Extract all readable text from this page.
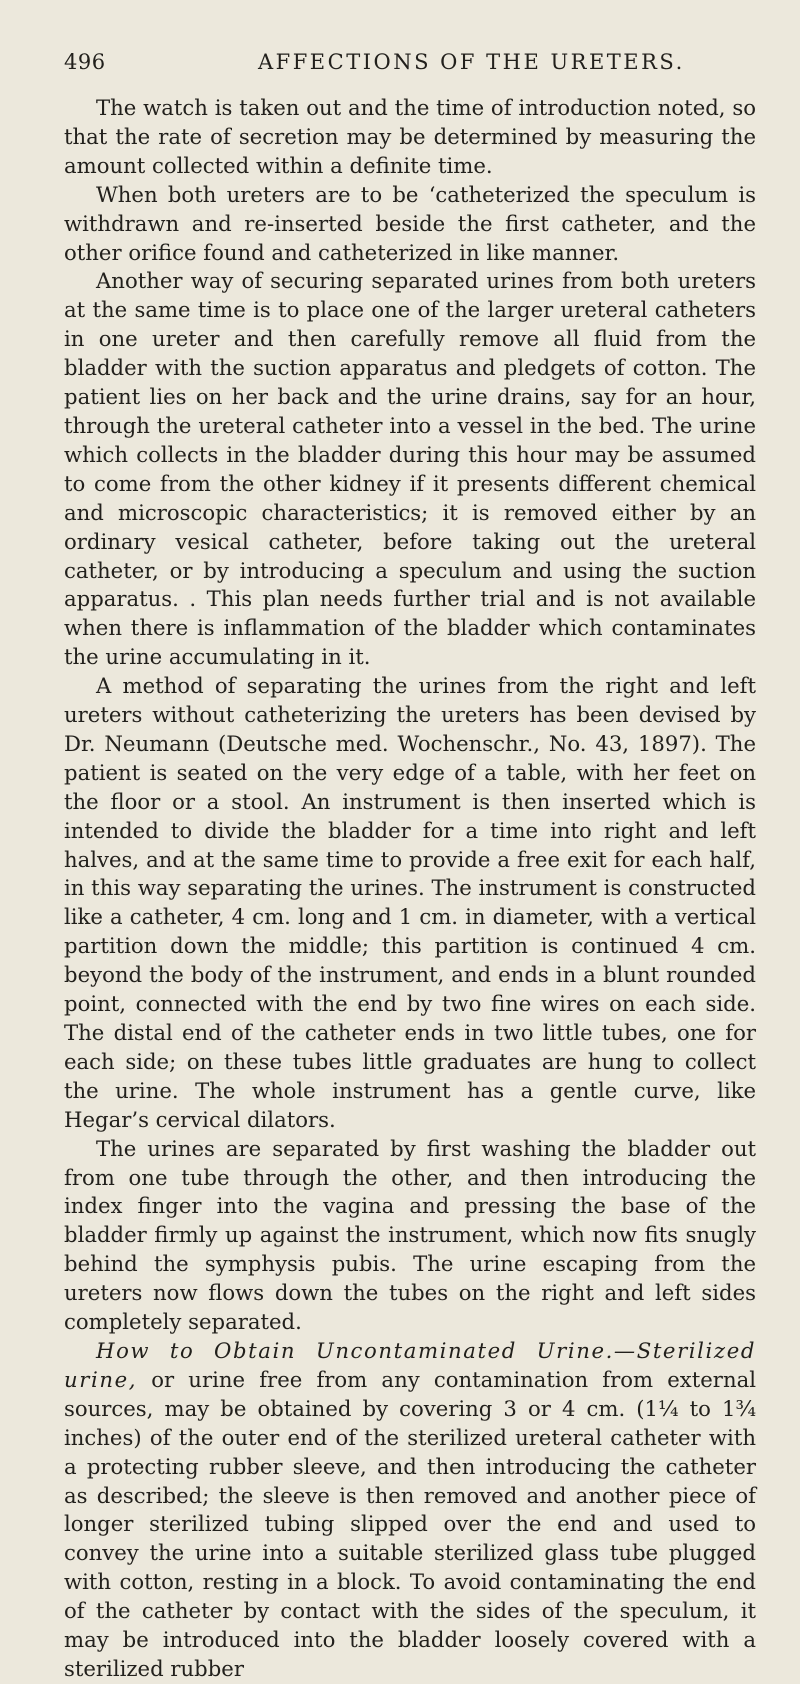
496	AFFECTIONS OF THE URETERS.

The watch is taken out and the time of introduction noted, so that the rate of secretion may be determined by measuring the amount collected within a definite time.

When both ureters are to be ‘catheterized the speculum is withdrawn and re-inserted beside the first catheter, and the other orifice found and catheterized in like manner.

Another way of securing separated urines from both ureters at the same time is to place one of the larger ureteral catheters in one ureter and then carefully remove all fluid from the bladder with the suction apparatus and pledgets of cotton. The patient lies on her back and the urine drains, say for an hour, through the ureteral catheter into a vessel in the bed. The urine which collects in the bladder during this hour may be assumed to come from the other kidney if it presents different chemical and microscopic characteristics; it is removed either by an ordinary vesical catheter, before taking out the ureteral catheter, or by introducing a speculum and using the suction apparatus. . This plan needs further trial and is not available when there is inflammation of the bladder which contaminates the urine accumulating in it.

A method of separating the urines from the right and left ureters without catheterizing the ureters has been devised by Dr. Neumann (Deutsche med. Wochenschr., No. 43, 1897). The patient is seated on the very edge of a table, with her feet on the floor or a stool. An instrument is then inserted which is intended to divide the bladder for a time into right and left halves, and at the same time to provide a free exit for each half, in this way separating the urines. The instrument is constructed like a catheter, 4 cm. long and 1 cm. in diameter, with a vertical partition down the middle; this partition is continued 4 cm. beyond the body of the instrument, and ends in a blunt rounded point, connected with the end by two fine wires on each side. The distal end of the catheter ends in two little tubes, one for each side; on these tubes little graduates are hung to collect the urine. The whole instrument has a gentle curve, like Hegar’s cervical dilators.

The urines are separated by first washing the bladder out from one tube through the other, and then introducing the index finger into the vagina and pressing the base of the bladder firmly up against the instrument, which now fits snugly behind the symphysis pubis. The urine escaping from the ureters now flows down the tubes on the right and left sides completely separated.

How to Obtain Uncontaminated Urine.—Sterilized urine, or urine free from any contamination from external sources, may be obtained by covering 3 or 4 cm. (1¼ to 1¾ inches) of the outer end of the sterilized ureteral catheter with a protecting rubber sleeve, and then introducing the catheter as described; the sleeve is then removed and another piece of longer sterilized tubing slipped over the end and used to convey the urine into a suitable sterilized glass tube plugged with cotton, resting in a block. To avoid contaminating the end of the catheter by contact with the sides of the speculum, it may be introduced into the bladder loosely covered with a sterilized rubber
